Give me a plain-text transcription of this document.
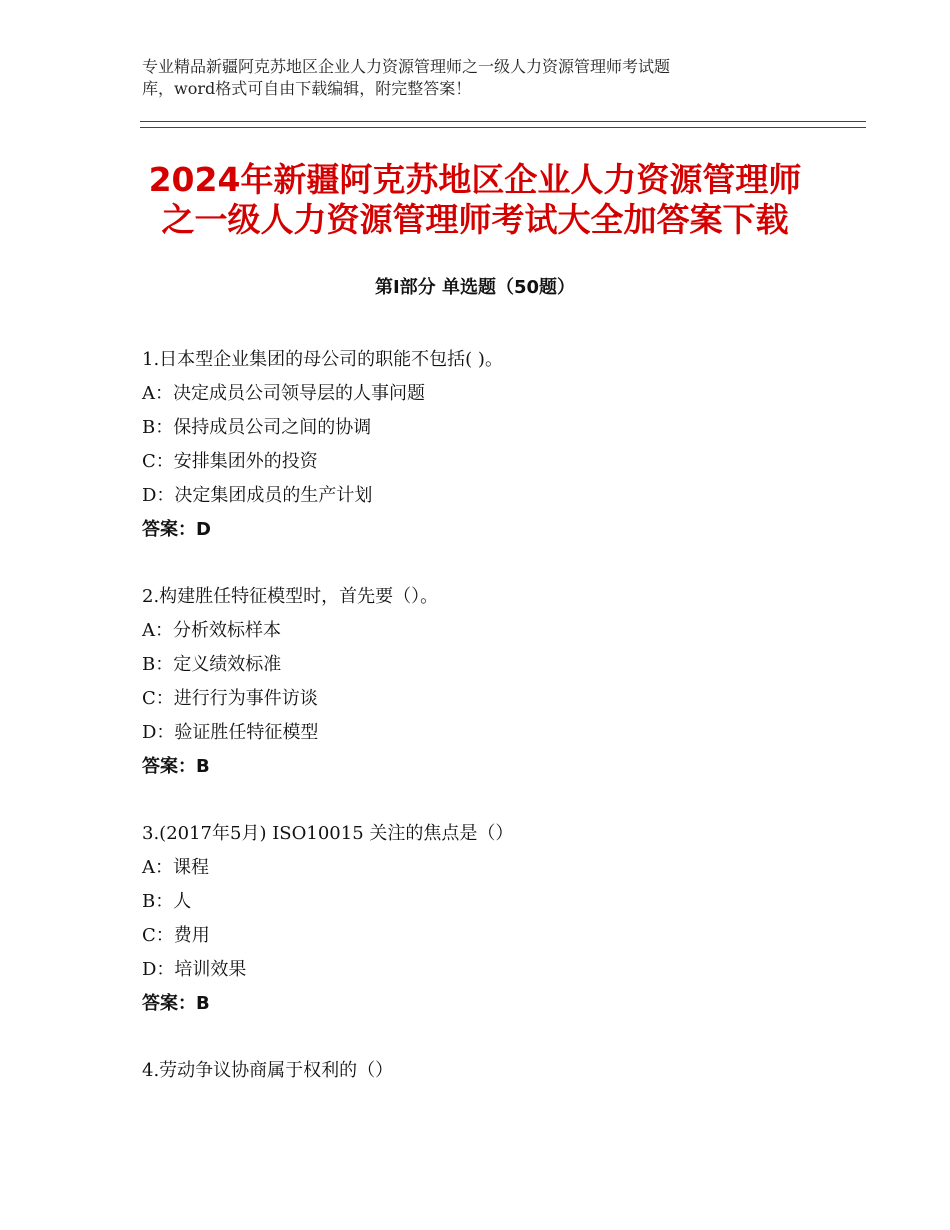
专业精品新疆阿克苏地区企业人力资源管理师之一级人力资源管理师考试题
库，word格式可自由下载编辑，附完整答案！
2024年新疆阿克苏地区企业人力资源管理师
之一级人力资源管理师考试大全加答案下载
第Ⅰ部分 单选题（50题）
1.日本型企业集团的母公司的职能不包括( )。
A：决定成员公司领导层的人事问题
B：保持成员公司之间的协调
C：安排集团外的投资
D：决定集团成员的生产计划
答案：D
2.构建胜任特征模型时，首先要（）。
A：分析效标样本
B：定义绩效标准
C：进行行为事件访谈
D：验证胜任特征模型
答案：B
3.(2017年5月) ISO10015 关注的焦点是（）
A：课程
B：人
C：费用
D：培训效果
答案：B
4.劳动争议协商属于权利的（）
